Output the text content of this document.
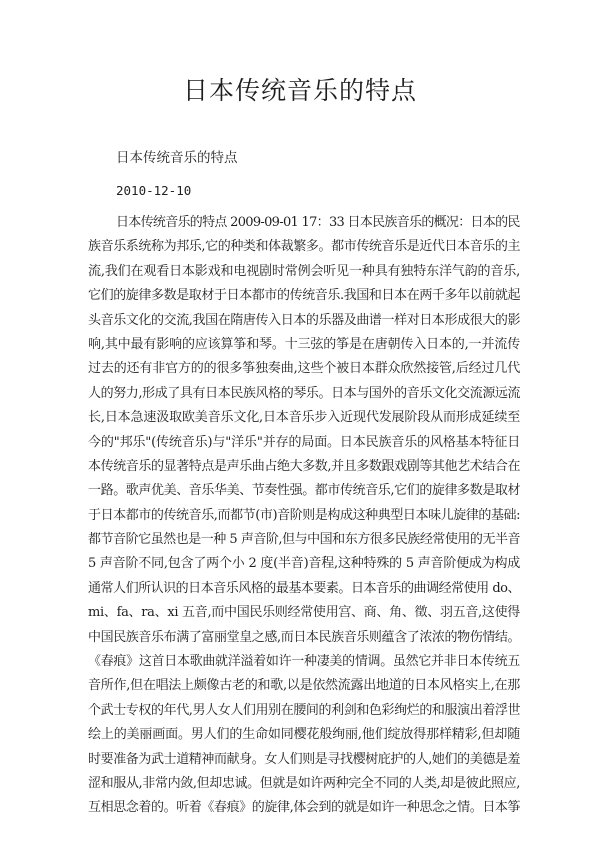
日本传统音乐的特点
日本传统音乐的特点
2010-12-10
日本传统音乐的特点 2009-09-01 17：33 日本民族音乐的概况：日本的民
族音乐系统称为邦乐,它的种类和体裁繁多。都市传统音乐是近代日本音乐的主
流,我们在观看日本影戏和电视剧时常例会听见一种具有独特东洋气韵的音乐,
它们的旋律多数是取材于日本都市的传统音乐.我国和日本在两千多年以前就起
头音乐文化的交流,我国在隋唐传入日本的乐器及曲谱一样对日本形成很大的影
响,其中最有影响的应该算筝和琴。十三弦的筝是在唐朝传入日本的,一并流传
过去的还有非官方的的很多筝独奏曲,这些个被日本群众欣然接管,后经过几代
人的努力,形成了具有日本民族风格的琴乐。日本与国外的音乐文化交流源远流
长,日本急速汲取欧美音乐文化,日本音乐步入近现代发展阶段从而形成延续至
今的"邦乐"(传统音乐)与"洋乐"并存的局面。日本民族音乐的风格基本特征日
本传统音乐的显著特点是声乐曲占绝大多数,并且多数跟戏剧等其他艺术结合在
一路。歌声优美、音乐华美、节奏性强。都市传统音乐,它们的旋律多数是取材
于日本都市的传统音乐,而都节(市)音阶则是构成这种典型日本味儿旋律的基础:
都节音阶它虽然也是一种 5 声音阶,但与中国和东方很多民族经常使用的无半音
5 声音阶不同,包含了两个小 2 度(半音)音程,这种特殊的 5 声音阶便成为构成
通常人们所认识的日本音乐风格的最基本要素。日本音乐的曲调经常使用 do、
mi、fa、ra、xi 五音,而中国民乐则经常使用宫、商、角、徵、羽五音,这使得
中国民族音乐布满了富丽堂皇之感,而日本民族音乐则蕴含了浓浓的物伤情结。
《春痕》这首日本歌曲就洋溢着如许一种凄美的情调。虽然它并非日本传统五
音所作,但在唱法上颇像古老的和歌,以是依然流露出地道的日本风格实上,在那
个武士专权的年代,男人女人们用别在腰间的利剑和色彩绚烂的和服演出着浮世
绘上的美丽画面。男人们的生命如同樱花般绚丽,他们绽放得那样精彩,但却随
时要准备为武士道精神而献身。女人们则是寻找樱树庇护的人,她们的美德是羞
涩和服从,非常内敛,但却忠诚。但就是如许两种完全不同的人类,却是彼此照应,
互相思念着的。听着《春痕》的旋律,体会到的就是如许一种思念之情。日本筝
